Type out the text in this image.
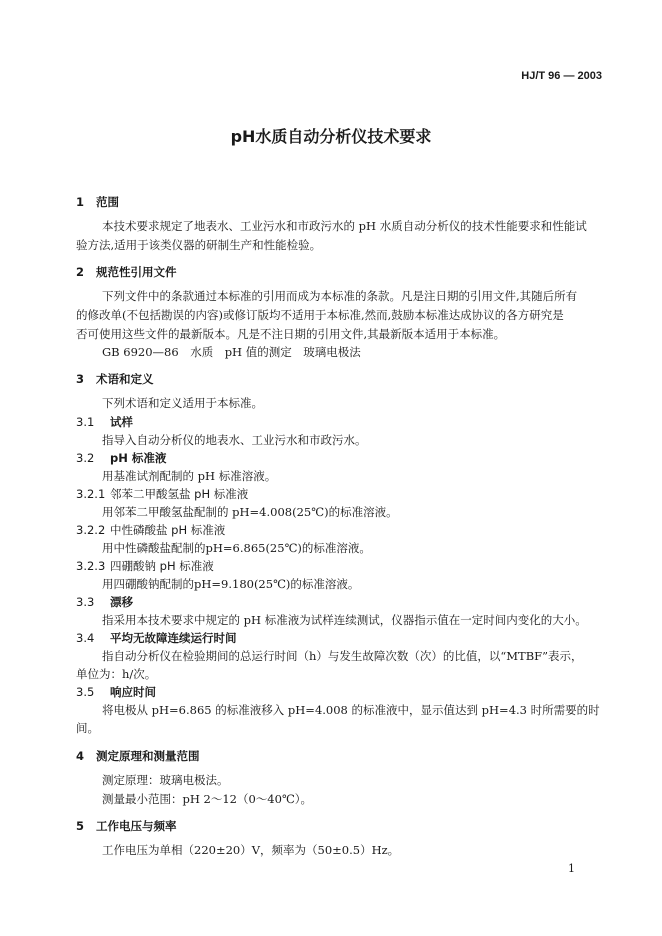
HJ/T 96 — 2003
pH水质自动分析仪技术要求
1 范围
本技术要求规定了地表水、工业污水和市政污水的 pH 水质自动分析仪的技术性能要求和性能试
验方法,适用于该类仪器的研制生产和性能检验。
2 规范性引用文件
下列文件中的条款通过本标准的引用而成为本标准的条款。凡是注日期的引用文件,其随后所有
的修改单(不包括勘误的内容)或修订版均不适用于本标准,然而,鼓励本标准达成协议的各方研究是
否可使用这些文件的最新版本。凡是不注日期的引用文件,其最新版本适用于本标准。
GB 6920—86　水质　pH 值的测定　玻璃电极法
3 术语和定义
下列术语和定义适用于本标准。
3.1 试样
指导入自动分析仪的地表水、工业污水和市政污水。
3.2 pH 标准液
用基准试剂配制的 pH 标准溶液。
3.2.1 邻苯二甲酸氢盐 pH 标准液
用邻苯二甲酸氢盐配制的 pH=4.008(25℃)的标准溶液。
3.2.2 中性磷酸盐 pH 标准液
用中性磷酸盐配制的pH=6.865(25℃)的标准溶液。
3.2.3 四硼酸钠 pH 标准液
用四硼酸钠配制的pH=9.180(25℃)的标准溶液。
3.3 漂移
指采用本技术要求中规定的 pH 标准液为试样连续测试，仪器指示值在一定时间内变化的大小。
3.4 平均无故障连续运行时间
指自动分析仪在检验期间的总运行时间（h）与发生故障次数（次）的比值，以“MTBF”表示，
单位为：h/次。
3.5 响应时间
将电极从 pH=6.865 的标准液移入 pH=4.008 的标准液中，显示值达到 pH=4.3 时所需要的时
间。
4 测定原理和测量范围
测定原理：玻璃电极法。
测量最小范围：pH 2～12（0～40℃）。
5 工作电压与频率
工作电压为单相（220±20）V，频率为（50±0.5）Hz。
1
